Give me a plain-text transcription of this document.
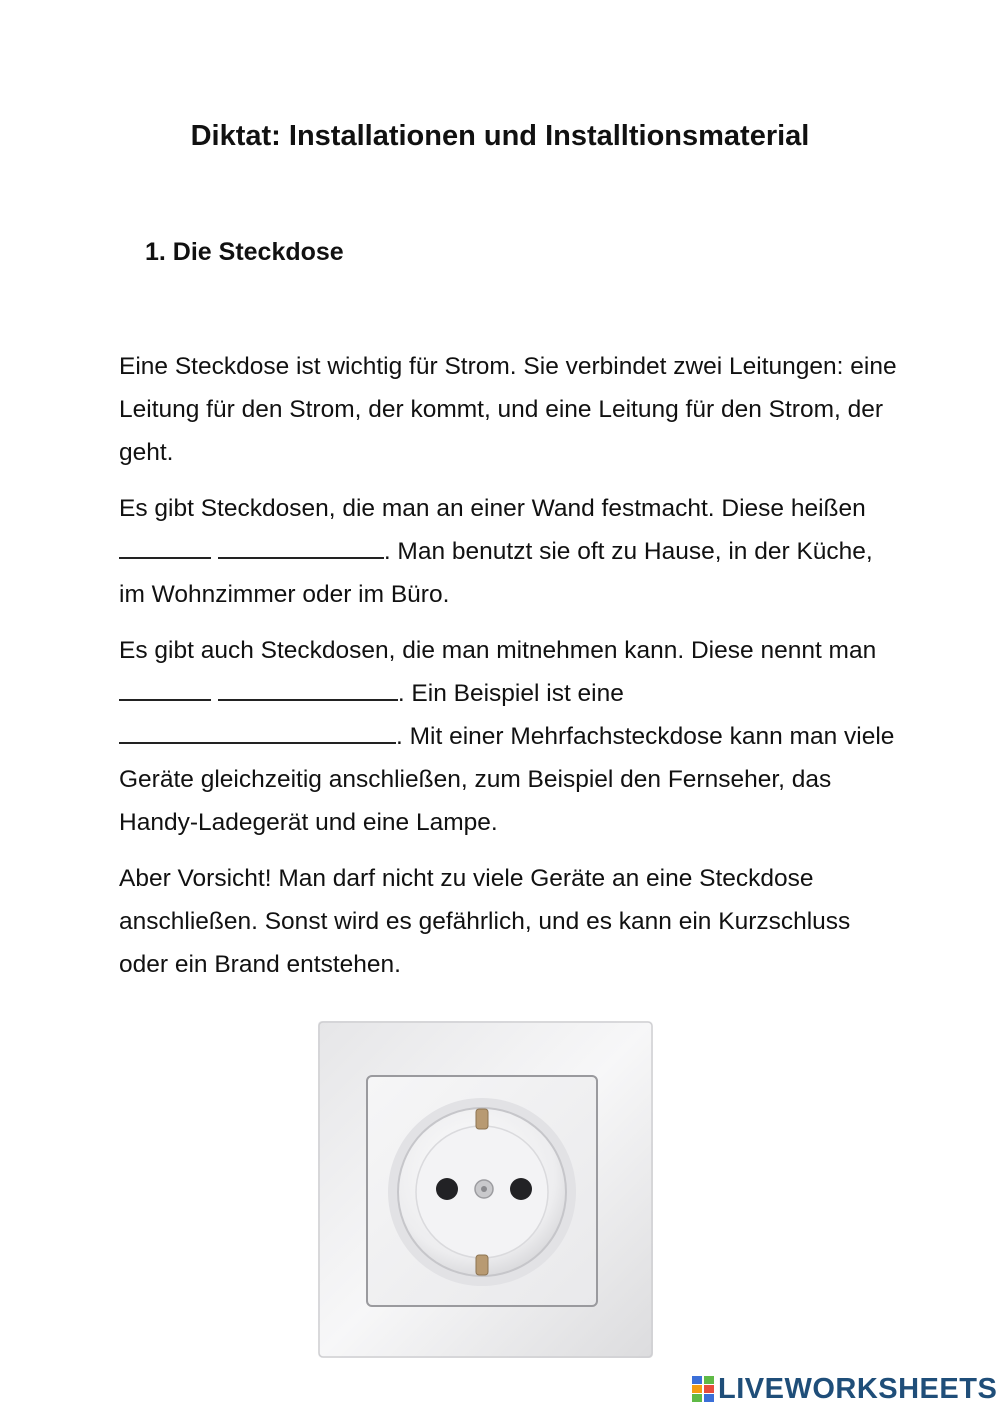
Diktat: Installationen und Installtionsmaterial
1. Die Steckdose

Eine Steckdose ist wichtig für Strom. Sie verbindet zwei Leitungen: eine Leitung für den Strom, der kommt, und eine Leitung für den Strom, der geht.

Es gibt Steckdosen, die man an einer Wand festmacht. Diese heißen  . Man benutzt sie oft zu Hause, in der Küche, im Wohnzimmer oder im Büro.

Es gibt auch Steckdosen, die man mitnehmen kann. Diese nennt man  . Ein Beispiel ist eine . Mit einer Mehrfachsteckdose kann man viele Geräte gleichzeitig anschließen, zum Beispiel den Fernseher, das Handy-Ladegerät und eine Lampe.

Aber Vorsicht! Man darf nicht zu viele Geräte an eine Steckdose anschließen. Sonst wird es gefährlich, und es kann ein Kurzschluss oder ein Brand entstehen.

LIVEWORKSHEETS
